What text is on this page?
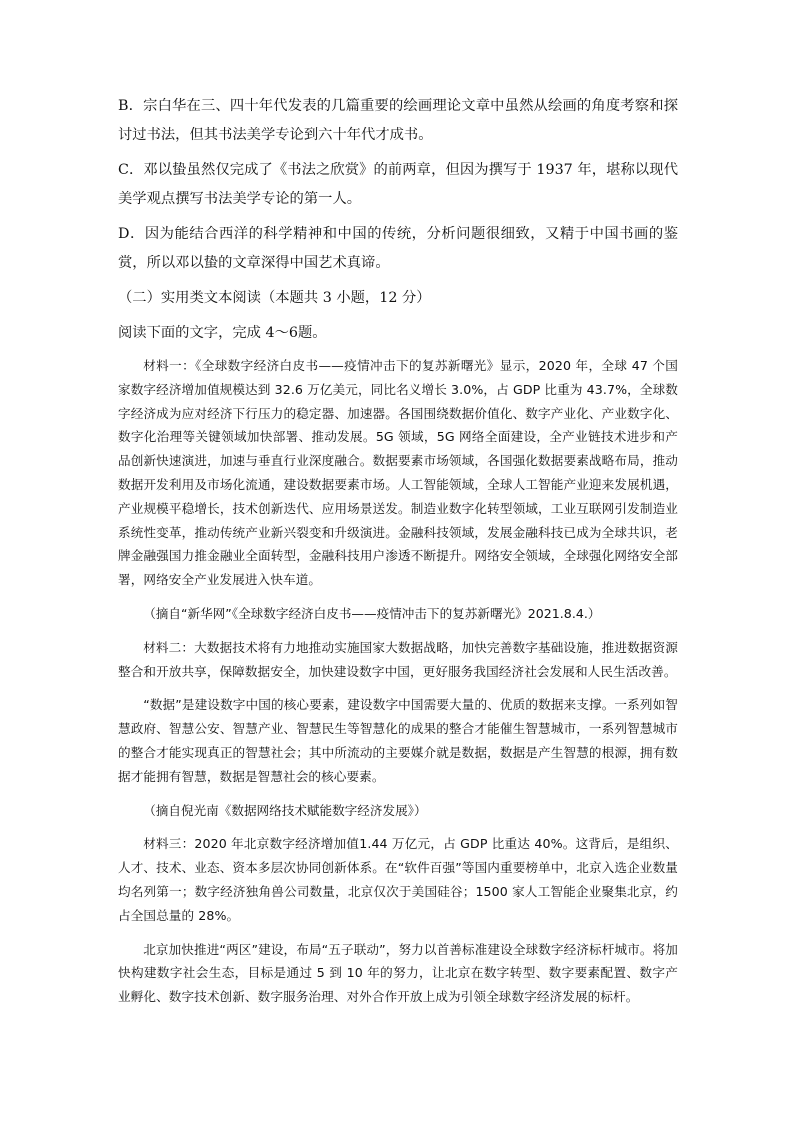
B．宗白华在三、四十年代发表的几篇重要的绘画理论文章中虽然从绘画的角度考察和探讨过书法，但其书法美学专论到六十年代才成书。

C．邓以蛰虽然仅完成了《书法之欣赏》的前两章，但因为撰写于 1937 年，堪称以现代美学观点撰写书法美学专论的第一人。

D．因为能结合西洋的科学精神和中国的传统，分析问题很细致，又精于中国书画的鉴赏，所以邓以蛰的文章深得中国艺术真谛。

（二）实用类文本阅读（本题共 3 小题，12 分）

阅读下面的文字，完成 4～6题。

材料一：《全球数字经济白皮书——疫情冲击下的复苏新曙光》显示，2020 年，全球 47 个国家数字经济增加值规模达到 32.6 万亿美元，同比名义增长 3.0%，占 GDP 比重为 43.7%，全球数字经济成为应对经济下行压力的稳定器、加速器。各国围绕数据价值化、数字产业化、产业数字化、数字化治理等关键领域加快部署、推动发展。5G 领域，5G 网络全面建设，全产业链技术进步和产品创新快速演进，加速与垂直行业深度融合。数据要素市场领域，各国强化数据要素战略布局，推动数据开发利用及市场化流通，建设数据要素市场。人工智能领域，全球人工智能产业迎来发展机遇，产业规模平稳增长，技术创新迭代、应用场景送发。制造业数字化转型领域，工业互联网引发制造业系统性变革，推动传统产业新兴裂变和升级演进。金融科技领域，发展金融科技已成为全球共识，老牌金融强国力推金融业全面转型，金融科技用户渗透不断提升。网络安全领域，全球强化网络安全部署，网络安全产业发展进入快车道。

（摘自“新华网”《全球数字经济白皮书——疫情冲击下的复苏新曙光》2021.8.4.）

材料二：大数据技术将有力地推动实施国家大数据战略，加快完善数字基础设施，推进数据资源整合和开放共享，保障数据安全，加快建设数字中国，更好服务我国经济社会发展和人民生活改善。

“数据”是建设数字中国的核心要素，建设数字中国需要大量的、优质的数据来支撑。一系列如智慧政府、智慧公安、智慧产业、智慧民生等智慧化的成果的整合才能催生智慧城市，一系列智慧城市的整合才能实现真正的智慧社会；其中所流动的主要媒介就是数据，数据是产生智慧的根源，拥有数据才能拥有智慧，数据是智慧社会的核心要素。

（摘自倪光南《数据网络技术赋能数字经济发展》）

材料三：2020 年北京数字经济增加值1.44 万亿元，占 GDP 比重达 40%。这背后，是组织、人才、技术、业态、资本多层次协同创新体系。在“软件百强”等国内重要榜单中，北京入选企业数量均名列第一；数字经济独角兽公司数量，北京仅次于美国硅谷；1500 家人工智能企业聚集北京，约占全国总量的 28%。

北京加快推进“两区”建设，布局“五子联动”，努力以首善标准建设全球数字经济标杆城市。将加快构建数字社会生态，目标是通过 5 到 10 年的努力，让北京在数字转型、数字要素配置、数字产业孵化、数字技术创新、数字服务治理、对外合作开放上成为引领全球数字经济发展的标杆。
